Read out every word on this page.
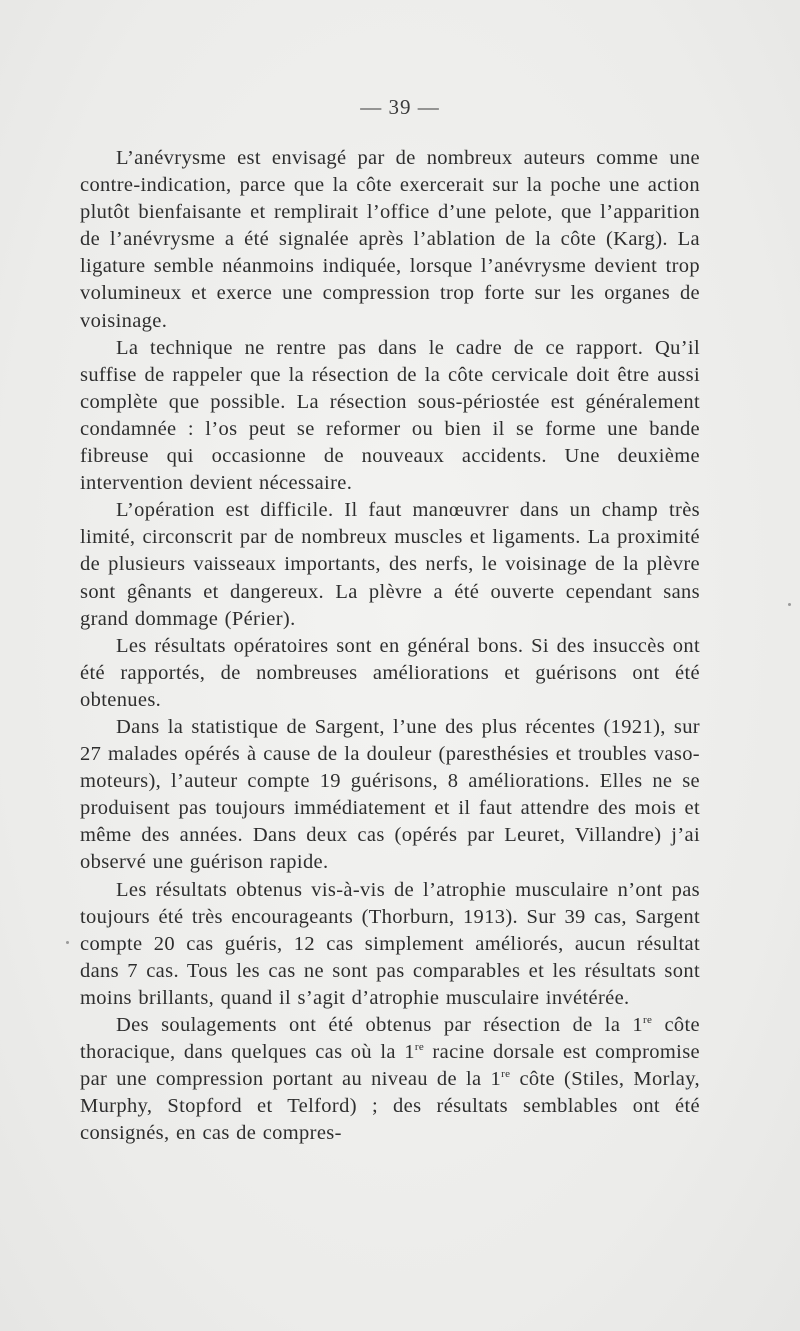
— 39 —

L’anévrysme est envisagé par de nombreux auteurs comme une contre-indication, parce que la côte exercerait sur la poche une action plutôt bienfaisante et remplirait l’office d’une pelote, que l’apparition de l’anévrysme a été signalée après l’ablation de la côte (Karg). La ligature semble néanmoins indiquée, lorsque l’anévrysme devient trop volumineux et exerce une compression trop forte sur les organes de voisinage.

La technique ne rentre pas dans le cadre de ce rapport. Qu’il suffise de rappeler que la résection de la côte cervicale doit être aussi complète que possible. La résection sous-périostée est généralement condamnée : l’os peut se reformer ou bien il se forme une bande fibreuse qui occasionne de nouveaux accidents. Une deuxième intervention devient nécessaire.

L’opération est difficile. Il faut manœuvrer dans un champ très limité, circonscrit par de nombreux muscles et ligaments. La proximité de plusieurs vaisseaux importants, des nerfs, le voisinage de la plèvre sont gênants et dangereux. La plèvre a été ouverte cependant sans grand dommage (Périer).

Les résultats opératoires sont en général bons. Si des insuccès ont été rapportés, de nombreuses améliorations et guérisons ont été obtenues.

Dans la statistique de Sargent, l’une des plus récentes (1921), sur 27 malades opérés à cause de la douleur (paresthésies et troubles vaso-moteurs), l’auteur compte 19 guérisons, 8 améliorations. Elles ne se produisent pas toujours immédiatement et il faut attendre des mois et même des années. Dans deux cas (opérés par Leuret, Villandre) j’ai observé une guérison rapide.

Les résultats obtenus vis-à-vis de l’atrophie musculaire n’ont pas toujours été très encourageants (Thorburn, 1913). Sur 39 cas, Sargent compte 20 cas guéris, 12 cas simplement améliorés, aucun résultat dans 7 cas. Tous les cas ne sont pas comparables et les résultats sont moins brillants, quand il s’agit d’atrophie musculaire invétérée.

Des soulagements ont été obtenus par résection de la 1re côte thoracique, dans quelques cas où la 1re racine dorsale est compromise par une compression portant au niveau de la 1re côte (Stiles, Morlay, Murphy, Stopford et Telford) ; des résultats semblables ont été consignés, en cas de compres-
